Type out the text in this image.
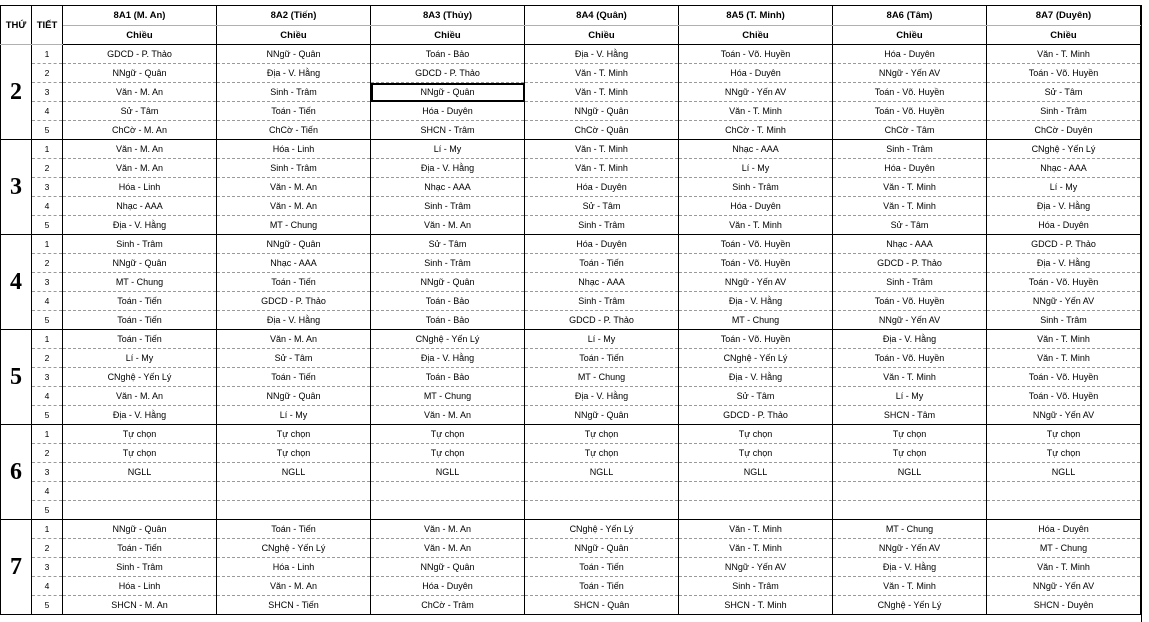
THỨ	TIẾT	8A1 (M. An)	8A2 (Tiến)	8A3 (Thủy)	8A4 (Quân)	8A5 (T. Minh)	8A6 (Tâm)	8A7 (Duyên)
		Chiều	Chiều	Chiều	Chiều	Chiều	Chiều	Chiều
2	1	GDCD - P. Thảo	NNgữ - Quân	Toán - Bảo	Địa - V. Hằng	Toán - Võ. Huyền	Hóa - Duyên	Văn - T. Minh
	2	NNgữ - Quân	Địa - V. Hằng	GDCD - P. Thảo	Văn - T. Minh	Hóa - Duyên	NNgữ - Yến AV	Toán - Võ. Huyền
	3	Văn - M. An	Sinh - Trâm	NNgữ - Quân	Văn - T. Minh	NNgữ - Yến AV	Toán - Võ. Huyền	Sử - Tâm
	4	Sử - Tâm	Toán - Tiến	Hóa - Duyên	NNgữ - Quân	Văn - T. Minh	Toán - Võ. Huyền	Sinh - Trâm
	5	ChCờ - M. An	ChCờ - Tiến	SHCN - Trâm	ChCờ - Quân	ChCờ - T. Minh	ChCờ - Tâm	ChCờ - Duyên
3	1	Văn - M. An	Hóa - Linh	Lí - My	Văn - T. Minh	Nhạc - AAA	Sinh - Trâm	CNghệ - Yến Lý
	2	Văn - M. An	Sinh - Trâm	Địa - V. Hằng	Văn - T. Minh	Lí - My	Hóa - Duyên	Nhạc - AAA
	3	Hóa - Linh	Văn - M. An	Nhạc - AAA	Hóa - Duyên	Sinh - Trâm	Văn - T. Minh	Lí - My
	4	Nhạc - AAA	Văn - M. An	Sinh - Trâm	Sử - Tâm	Hóa - Duyên	Văn - T. Minh	Địa - V. Hằng
	5	Địa - V. Hằng	MT - Chung	Văn - M. An	Sinh - Trâm	Văn - T. Minh	Sử - Tâm	Hóa - Duyên
4	1	Sinh - Trâm	NNgữ - Quân	Sử - Tâm	Hóa - Duyên	Toán - Võ. Huyền	Nhạc - AAA	GDCD - P. Thảo
	2	NNgữ - Quân	Nhạc - AAA	Sinh - Trâm	Toán - Tiến	Toán - Võ. Huyền	GDCD - P. Thảo	Địa - V. Hằng
	3	MT - Chung	Toán - Tiến	NNgữ - Quân	Nhạc - AAA	NNgữ - Yến AV	Sinh - Trâm	Toán - Võ. Huyền
	4	Toán - Tiến	GDCD - P. Thảo	Toán - Bảo	Sinh - Trâm	Địa - V. Hằng	Toán - Võ. Huyền	NNgữ - Yến AV
	5	Toán - Tiến	Địa - V. Hằng	Toán - Bảo	GDCD - P. Thảo	MT - Chung	NNgữ - Yến AV	Sinh - Trâm
5	1	Toán - Tiến	Văn - M. An	CNghệ - Yến Lý	Lí - My	Toán - Võ. Huyền	Địa - V. Hằng	Văn - T. Minh
	2	Lí - My	Sử - Tâm	Địa - V. Hằng	Toán - Tiến	CNghệ - Yến Lý	Toán - Võ. Huyền	Văn - T. Minh
	3	CNghệ - Yến Lý	Toán - Tiến	Toán - Bảo	MT - Chung	Địa - V. Hằng	Văn - T. Minh	Toán - Võ. Huyền
	4	Văn - M. An	NNgữ - Quân	MT - Chung	Địa - V. Hằng	Sử - Tâm	Lí - My	Toán - Võ. Huyền
	5	Địa - V. Hằng	Lí - My	Văn - M. An	NNgữ - Quân	GDCD - P. Thảo	SHCN - Tâm	NNgữ - Yến AV
6	1	Tự chọn	Tự chọn	Tự chọn	Tự chọn	Tự chọn	Tự chọn	Tự chọn
	2	Tự chọn	Tự chọn	Tự chọn	Tự chọn	Tự chọn	Tự chọn	Tự chọn
	3	NGLL	NGLL	NGLL	NGLL	NGLL	NGLL	NGLL
	4							
	5							
7	1	NNgữ - Quân	Toán - Tiến	Văn - M. An	CNghệ - Yến Lý	Văn - T. Minh	MT - Chung	Hóa - Duyên
	2	Toán - Tiến	CNghệ - Yến Lý	Văn - M. An	NNgữ - Quân	Văn - T. Minh	NNgữ - Yến AV	MT - Chung
	3	Sinh - Trâm	Hóa - Linh	NNgữ - Quân	Toán - Tiến	NNgữ - Yến AV	Địa - V. Hằng	Văn - T. Minh
	4	Hóa - Linh	Văn - M. An	Hóa - Duyên	Toán - Tiến	Sinh - Trâm	Văn - T. Minh	NNgữ - Yến AV
	5	SHCN - M. An	SHCN - Tiến	ChCờ - Trâm	SHCN - Quân	SHCN - T. Minh	CNghệ - Yến Lý	SHCN - Duyên
